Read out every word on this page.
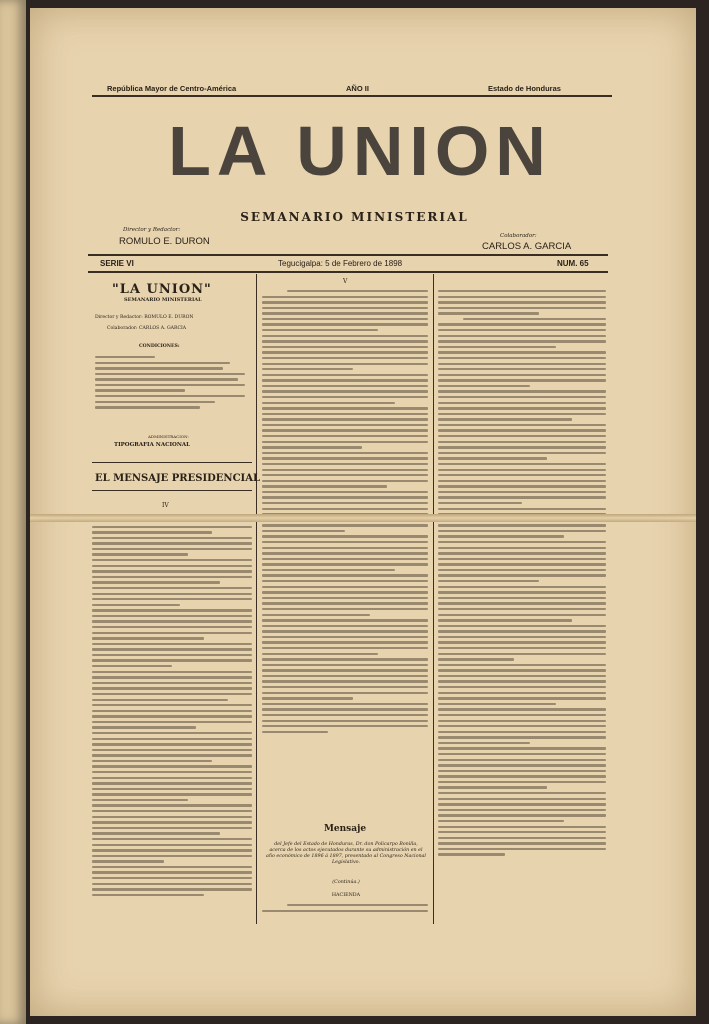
República Mayor de Centro-América	AÑO II	Estado de Honduras
LA UNION
SEMANARIO MINISTERIAL
Director y Redactor:
ROMULO E. DURON	Colaborador:
CARLOS A. GARCIA
SERIE VI	Tegucigalpa: 5 de Febrero de 1898	NUM. 65
"LA UNION"
SEMANARIO MINISTERIAL
Director y Redactor: ROMULO E. DURON
Colaborador: CARLOS A. GARCIA
CONDICIONES:
ADMINISTRACION:
TIPOGRAFIA NACIONAL
EL MENSAJE PRESIDENCIAL
IV
V
Mensaje
del Jefe del Estado de Honduras, Dr. don Policarpo Bonilla, acerca de los actos ejecutados durante su administración en el año económico de 1896 á 1897, presentado al Congreso Nacional Legislativo.
(Continúa.)
HACIENDA
